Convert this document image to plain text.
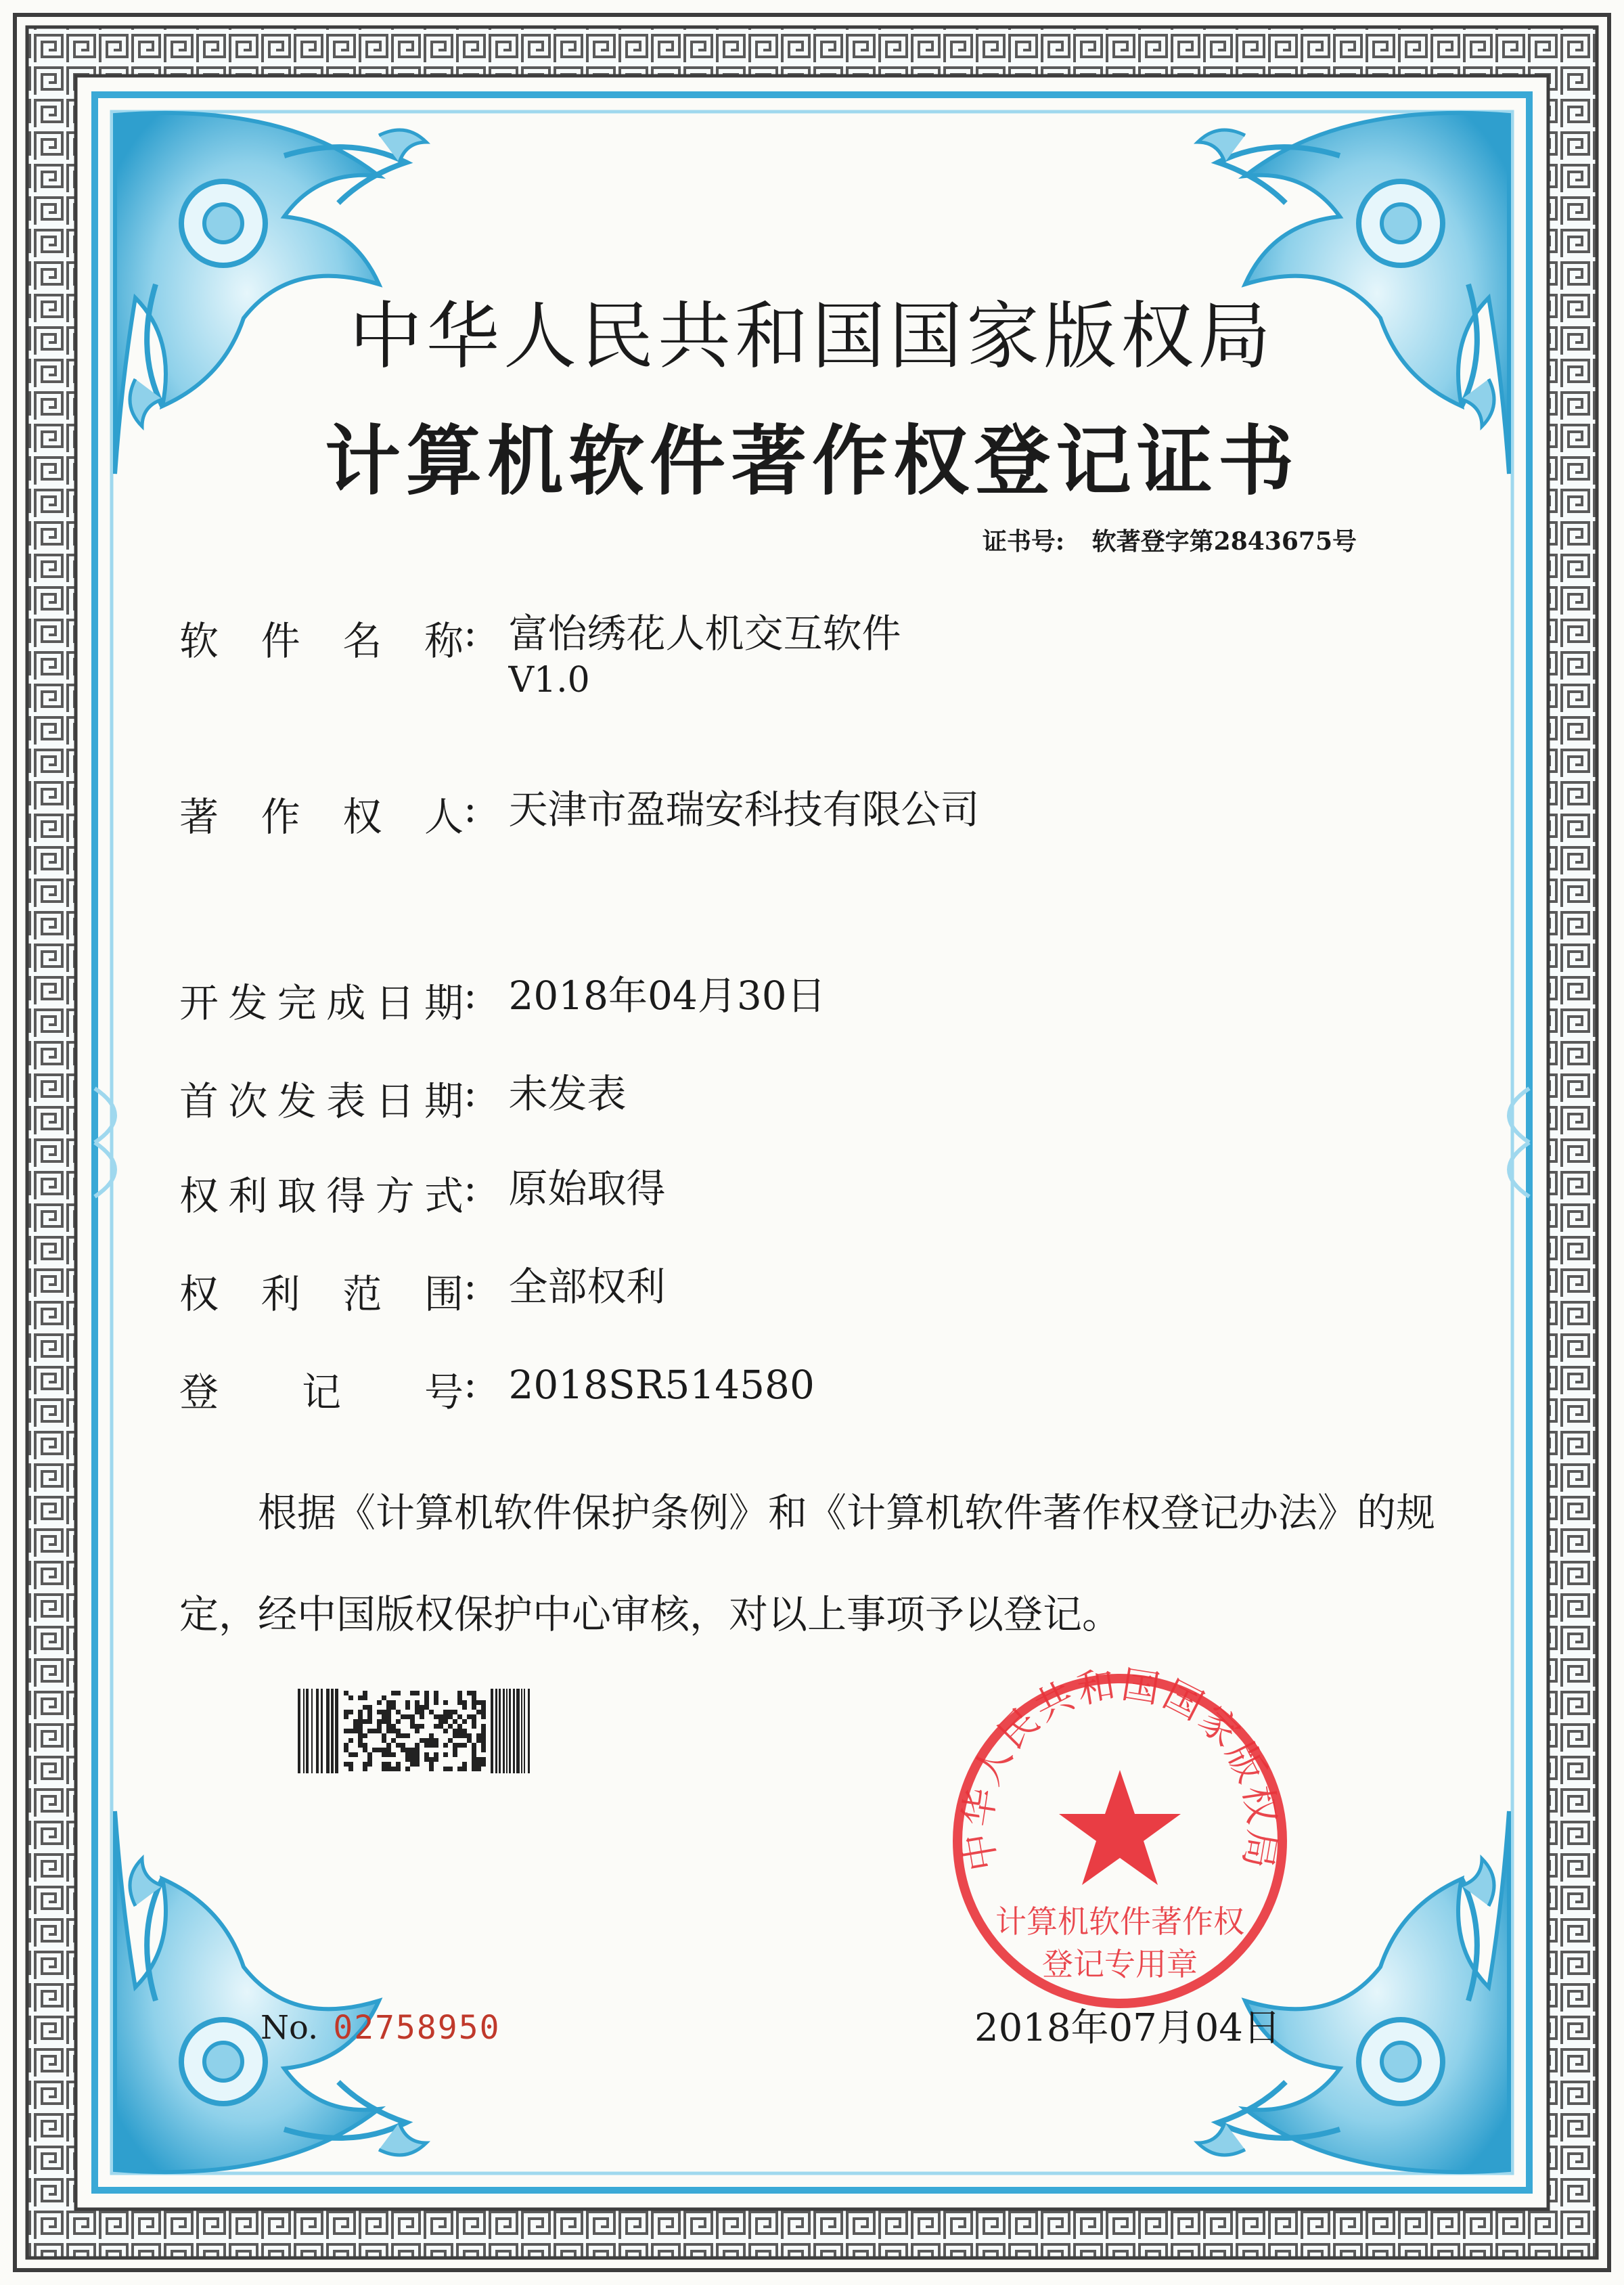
中华人民共和国国家版权局
计算机软件著作权登记证书
证书号: 软著登字第2843675号
软件名称: 富怡绣花人机交互软件
V1.0
著作权人: 天津市盈瑞安科技有限公司
开发完成日期: 2018年04月30日
首次发表日期: 未发表
权利取得方式: 原始取得
权利范围: 全部权利
登记号: 2018SR514580
根据《计算机软件保护条例》和《计算机软件著作权登记办法》的规定，经中国版权保护中心审核，对以上事项予以登记。
中华人民共和国国家版权局
计算机软件著作权
登记专用章
No. 02758950	2018年07月04日
